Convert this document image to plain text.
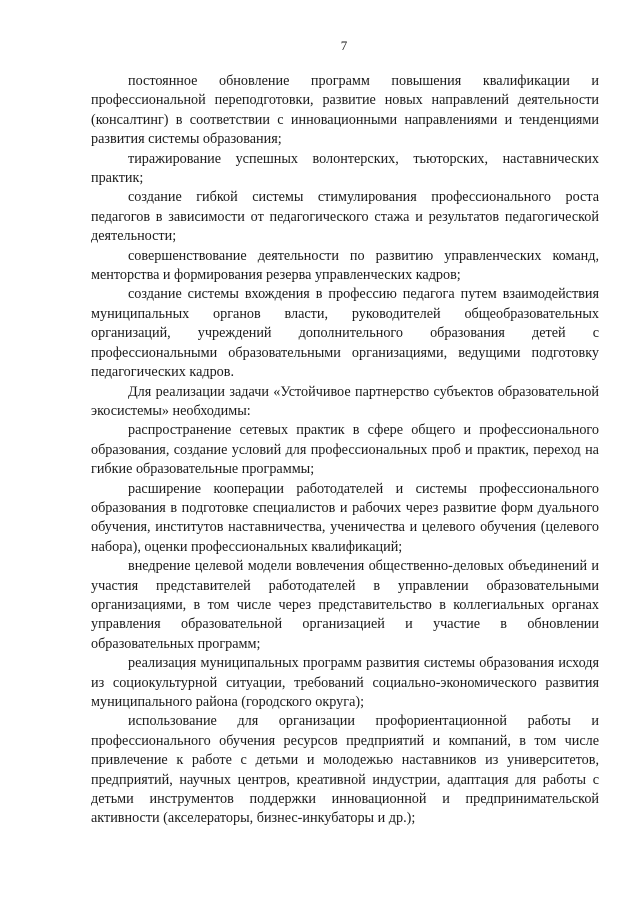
7

постоянное обновление программ повышения квалификации и профессиональной переподготовки, развитие новых направлений деятельности (консалтинг) в соответствии с инновационными направлениями и тенденциями развития системы образования;

тиражирование успешных волонтерских, тьюторских, наставнических практик;

создание гибкой системы стимулирования профессионального роста педагогов в зависимости от педагогического стажа и результатов педагогической деятельности;

совершенствование деятельности по развитию управленческих команд, менторства и формирования резерва управленческих кадров;

создание системы вхождения в профессию педагога путем взаимодействия муниципальных органов власти, руководителей общеобразовательных организаций, учреждений дополнительного образования детей с профессиональными образовательными организациями, ведущими подготовку педагогических кадров.

Для реализации задачи «Устойчивое партнерство субъектов образовательной экосистемы» необходимы:

распространение сетевых практик в сфере общего и профессионального образования, создание условий для профессиональных проб и практик, переход на гибкие образовательные программы;

расширение кооперации работодателей и системы профессионального образования в подготовке специалистов и рабочих через развитие форм дуального обучения, институтов наставничества, ученичества и целевого обучения (целевого набора), оценки профессиональных квалификаций;

внедрение целевой модели вовлечения общественно-деловых объединений и участия представителей работодателей в управлении образовательными организациями, в том числе через представительство в коллегиальных органах управления образовательной организацией и участие в обновлении образовательных программ;

реализация муниципальных программ развития системы образования исходя из социокультурной ситуации, требований социально-экономического развития муниципального района (городского округа);

использование для организации профориентационной работы и профессионального обучения ресурсов предприятий и компаний, в том числе привлечение к работе с детьми и молодежью наставников из университетов, предприятий, научных центров, креативной индустрии, адаптация для работы с детьми инструментов поддержки инновационной и предпринимательской активности (акселераторы, бизнес-инкубаторы и др.);
